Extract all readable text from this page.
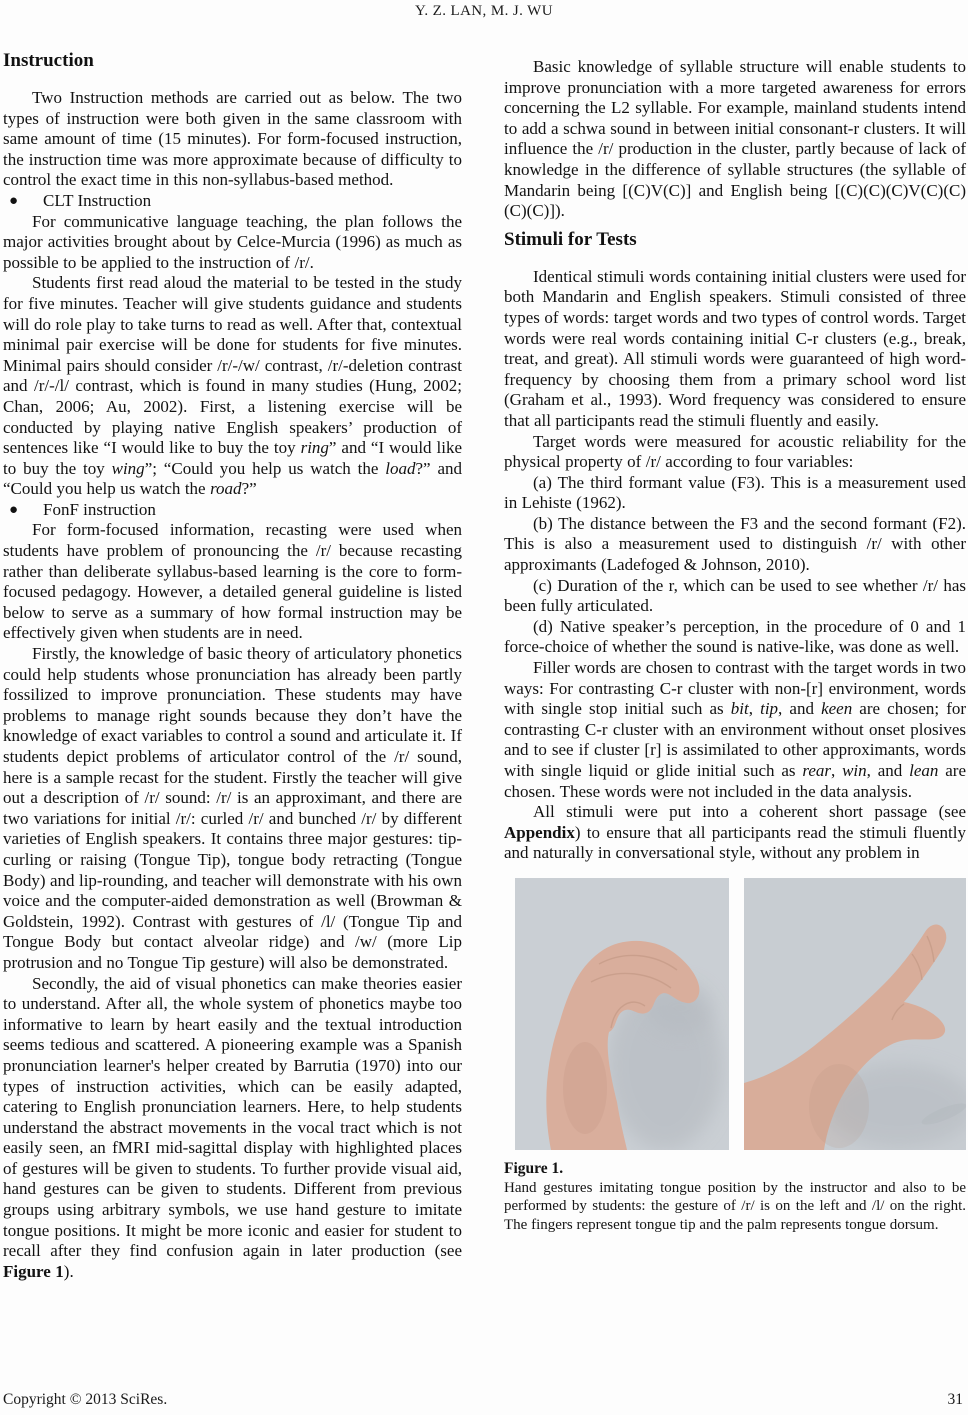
Y. Z. LAN, M. J. WU
Instruction

Two Instruction methods are carried out as below. The two types of instruction were both given in the same classroom with same amount of time (15 minutes). For form-focused instruction, the instruction time was more approximate because of difficulty to control the exact time in this non-syllabus-based method.

●	CLT Instruction

For communicative language teaching, the plan follows the major activities brought about by Celce-Murcia (1996) as much as possible to be applied to the instruction of /r/.

Students first read aloud the material to be tested in the study for five minutes. Teacher will give students guidance and students will do role play to take turns to read as well. After that, contextual minimal pair exercise will be done for students for five minutes. Minimal pairs should consider /r/-/w/ contrast, /r/-deletion contrast and /r/-/l/ contrast, which is found in many studies (Hung, 2002; Chan, 2006; Au, 2002). First, a listening exercise will be conducted by playing native English speakers’ production of sentences like “I would like to buy the toy ring” and “I would like to buy the toy wing”; “Could you help us watch the load?” and “Could you help us watch the road?”

●	FonF instruction

For form-focused information, recasting were used when students have problem of pronouncing the /r/ because recasting rather than deliberate syllabus-based learning is the core to form-focused pedagogy. However, a detailed general guideline is listed below to serve as a summary of how formal instruction may be effectively given when students are in need.

Firstly, the knowledge of basic theory of articulatory phonetics could help students whose pronunciation has already been partly fossilized to improve pronunciation. These students may have problems to manage right sounds because they don’t have the knowledge of exact variables to control a sound and articulate it. If students depict problems of articulator control of the /r/ sound, here is a sample recast for the student. Firstly the teacher will give out a description of /r/ sound: /r/ is an approximant, and there are two variations for initial /r/: curled /r/ and bunched /r/ by different varieties of English speakers. It contains three major gestures: tip-curling or raising (Tongue Tip), tongue body retracting (Tongue Body) and lip-rounding, and teacher will demonstrate with his own voice and the computer-aided demonstration as well (Browman & Goldstein, 1992). Contrast with gestures of /l/ (Tongue Tip and Tongue Body but contact alveolar ridge) and /w/ (more Lip protrusion and no Tongue Tip gesture) will also be demonstrated.

Secondly, the aid of visual phonetics can make theories easier to understand. After all, the whole system of phonetics maybe too informative to learn by heart easily and the textual introduction seems tedious and scattered. A pioneering example was a Spanish pronunciation learner's helper created by Barrutia (1970) into our types of instruction activities, which can be easily adapted, catering to English pronunciation learners. Here, to help students understand the abstract movements in the vocal tract which is not easily seen, an fMRI mid-sagittal display with highlighted places of gestures will be given to students. To further provide visual aid, hand gestures can be given to students. Different from previous groups using arbitrary symbols, we use hand gesture to imitate tongue positions. It might be more iconic and easier for student to recall after they find confusion again in later production (see Figure 1).

Basic knowledge of syllable structure will enable students to improve pronunciation with a more targeted awareness for errors concerning the L2 syllable. For example, mainland students intend to add a schwa sound in between initial consonant-r clusters. It will influence the /r/ production in the cluster, partly because of lack of knowledge in the difference of syllable structures (the syllable of Mandarin being [(C)V(C)] and English being [(C)(C)(C)V(C)(C)(C)(C)]).

Stimuli for Tests

Identical stimuli words containing initial clusters were used for both Mandarin and English speakers. Stimuli consisted of three types of words: target words and two types of control words. Target words were real words containing initial C-r clusters (e.g., break, treat, and great). All stimuli words were guaranteed of high word-frequency by choosing them from a primary school word list (Graham et al., 1993). Word frequency was considered to ensure that all participants read the stimuli fluently and easily.

Target words were measured for acoustic reliability for the physical property of /r/ according to four variables:

(a) The third formant value (F3). This is a measurement used in Lehiste (1962).

(b) The distance between the F3 and the second formant (F2). This is also a measurement used to distinguish /r/ with other approximants (Ladefoged & Johnson, 2010).

(c) Duration of the r, which can be used to see whether /r/ has been fully articulated.

(d) Native speaker’s perception, in the procedure of 0 and 1 force-choice of whether the sound is native-like, was done as well.

Filler words are chosen to contrast with the target words in two ways: For contrasting C-r cluster with non-[r] environment, words with single stop initial such as bit, tip, and keen are chosen; for contrasting C-r cluster with an environment without onset plosives and to see if cluster [r] is assimilated to other approximants, words with single liquid or glide initial such as rear, win, and lean are chosen. These words were not included in the data analysis.

All stimuli were put into a coherent short passage (see Appendix) to ensure that all participants read the stimuli fluently and naturally in conversational style, without any problem in

Figure 1.
Hand gestures imitating tongue position by the instructor and also to be performed by students: the gesture of /r/ is on the left and /l/ on the right. The fingers represent tongue tip and the palm represents tongue dorsum.
Copyright © 2013 SciRes.	31
